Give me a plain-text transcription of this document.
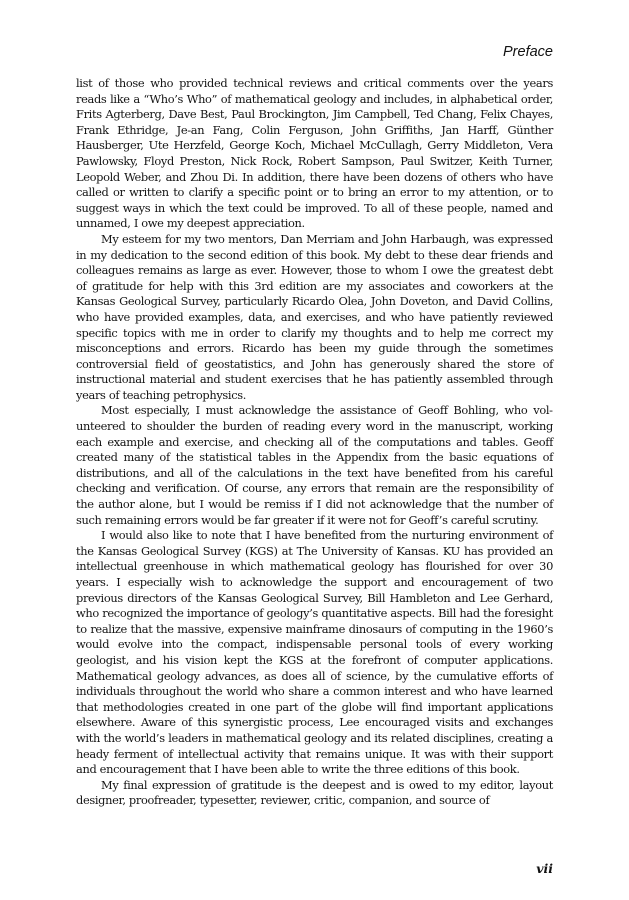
Preface

list of those who provided technical reviews and critical comments over the years reads like a “Who’s Who” of mathematical geology and includes, in alphabetical order, Frits Agterberg, Dave Best, Paul Brockington, Jim Campbell, Ted Chang, Felix Chayes, Frank Ethridge, Je-an Fang, Colin Ferguson, John Griffiths, Jan Harff, Günther Hausberger, Ute Herzfeld, George Koch, Michael McCullagh, Gerry Middleton, Vera Pawlowsky, Floyd Preston, Nick Rock, Robert Sampson, Paul Switzer, Keith Turner, Leopold Weber, and Zhou Di. In addition, there have been dozens of others who have called or written to clarify a specific point or to bring an error to my attention, or to suggest ways in which the text could be improved. To all of these people, named and unnamed, I owe my deepest appreciation.

My esteem for my two mentors, Dan Merriam and John Harbaugh, was expressed in my dedication to the second edition of this book. My debt to these dear friends and colleagues remains as large as ever. However, those to whom I owe the greatest debt of gratitude for help with this 3rd edition are my associates and coworkers at the Kansas Geological Survey, particularly Ricardo Olea, John Doveton, and David Collins, who have provided examples, data, and exercises, and who have patiently reviewed specific topics with me in order to clarify my thoughts and to help me correct my misconceptions and errors. Ricardo has been my guide through the sometimes controversial field of geostatistics, and John has generously shared the store of instructional material and student exercises that he has patiently assembled through years of teaching petrophysics.

Most especially, I must acknowledge the assistance of Geoff Bohling, who volunteered to shoulder the burden of reading every word in the manuscript, working each example and exercise, and checking all of the computations and tables. Geoff created many of the statistical tables in the Appendix from the basic equations of distributions, and all of the calculations in the text have benefited from his careful checking and verification. Of course, any errors that remain are the responsibility of the author alone, but I would be remiss if I did not acknowledge that the number of such remaining errors would be far greater if it were not for Geoff’s careful scrutiny.

I would also like to note that I have benefited from the nurturing environment of the Kansas Geological Survey (KGS) at The University of Kansas. KU has provided an intellectual greenhouse in which mathematical geology has flourished for over 30 years. I especially wish to acknowledge the support and encouragement of two previous directors of the Kansas Geological Survey, Bill Hambleton and Lee Gerhard, who recognized the importance of geology’s quantitative aspects. Bill had the foresight to realize that the massive, expensive mainframe dinosaurs of computing in the 1960’s would evolve into the compact, indispensable personal tools of every working geologist, and his vision kept the KGS at the forefront of computer applications. Mathematical geology advances, as does all of science, by the cumulative efforts of individuals throughout the world who share a common interest and who have learned that methodologies created in one part of the globe will find important applications elsewhere. Aware of this synergistic process, Lee encouraged visits and exchanges with the world’s leaders in mathematical geology and its related disciplines, creating a heady ferment of intellectual activity that remains unique. It was with their support and encouragement that I have been able to write the three editions of this book.

My final expression of gratitude is the deepest and is owed to my editor, layout designer, proofreader, typesetter, reviewer, critic, companion, and source of

vii
